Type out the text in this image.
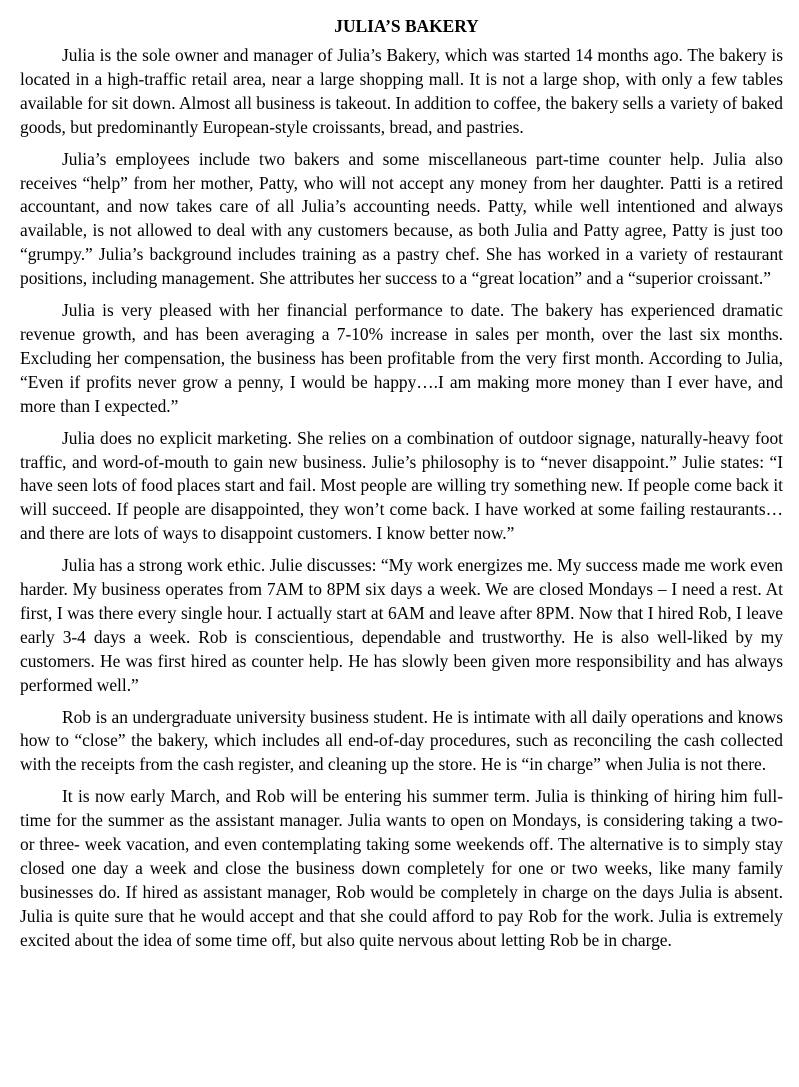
JULIA’S BAKERY

Julia is the sole owner and manager of Julia’s Bakery, which was started 14 months ago. The bakery is located in a high-traffic retail area, near a large shopping mall. It is not a large shop, with only a few tables available for sit down. Almost all business is takeout. In addition to coffee, the bakery sells a variety of baked goods, but predominantly European-style croissants, bread, and pastries.

Julia’s employees include two bakers and some miscellaneous part-time counter help. Julia also receives “help” from her mother, Patty, who will not accept any money from her daughter. Patti is a retired accountant, and now takes care of all Julia’s accounting needs. Patty, while well intentioned and always available, is not allowed to deal with any customers because, as both Julia and Patty agree, Patty is just too “grumpy.” Julia’s background includes training as a pastry chef. She has worked in a variety of restaurant positions, including management. She attributes her success to a “great location” and a “superior croissant.”

Julia is very pleased with her financial performance to date. The bakery has experienced dramatic revenue growth, and has been averaging a 7-10% increase in sales per month, over the last six months. Excluding her compensation, the business has been profitable from the very first month. According to Julia, “Even if profits never grow a penny, I would be happy….I am making more money than I ever have, and more than I expected.”

Julia does no explicit marketing. She relies on a combination of outdoor signage, naturally-heavy foot traffic, and word-of-mouth to gain new business. Julie’s philosophy is to “never disappoint.” Julie states: “I have seen lots of food places start and fail. Most people are willing try something new. If people come back it will succeed. If people are disappointed, they won’t come back. I have worked at some failing restaurants… and there are lots of ways to disappoint customers. I know better now.”

Julia has a strong work ethic. Julie discusses: “My work energizes me. My success made me work even harder. My business operates from 7AM to 8PM six days a week. We are closed Mondays – I need a rest. At first, I was there every single hour. I actually start at 6AM and leave after 8PM. Now that I hired Rob, I leave early 3-4 days a week. Rob is conscientious, dependable and trustworthy. He is also well-liked by my customers. He was first hired as counter help. He has slowly been given more responsibility and has always performed well.”

Rob is an undergraduate university business student. He is intimate with all daily operations and knows how to “close” the bakery, which includes all end-of-day procedures, such as reconciling the cash collected with the receipts from the cash register, and cleaning up the store. He is “in charge” when Julia is not there.

It is now early March, and Rob will be entering his summer term. Julia is thinking of hiring him full-time for the summer as the assistant manager. Julia wants to open on Mondays, is considering taking a two- or three- week vacation, and even contemplating taking some weekends off. The alternative is to simply stay closed one day a week and close the business down completely for one or two weeks, like many family businesses do. If hired as assistant manager, Rob would be completely in charge on the days Julia is absent. Julia is quite sure that he would accept and that she could afford to pay Rob for the work. Julia is extremely excited about the idea of some time off, but also quite nervous about letting Rob be in charge.
